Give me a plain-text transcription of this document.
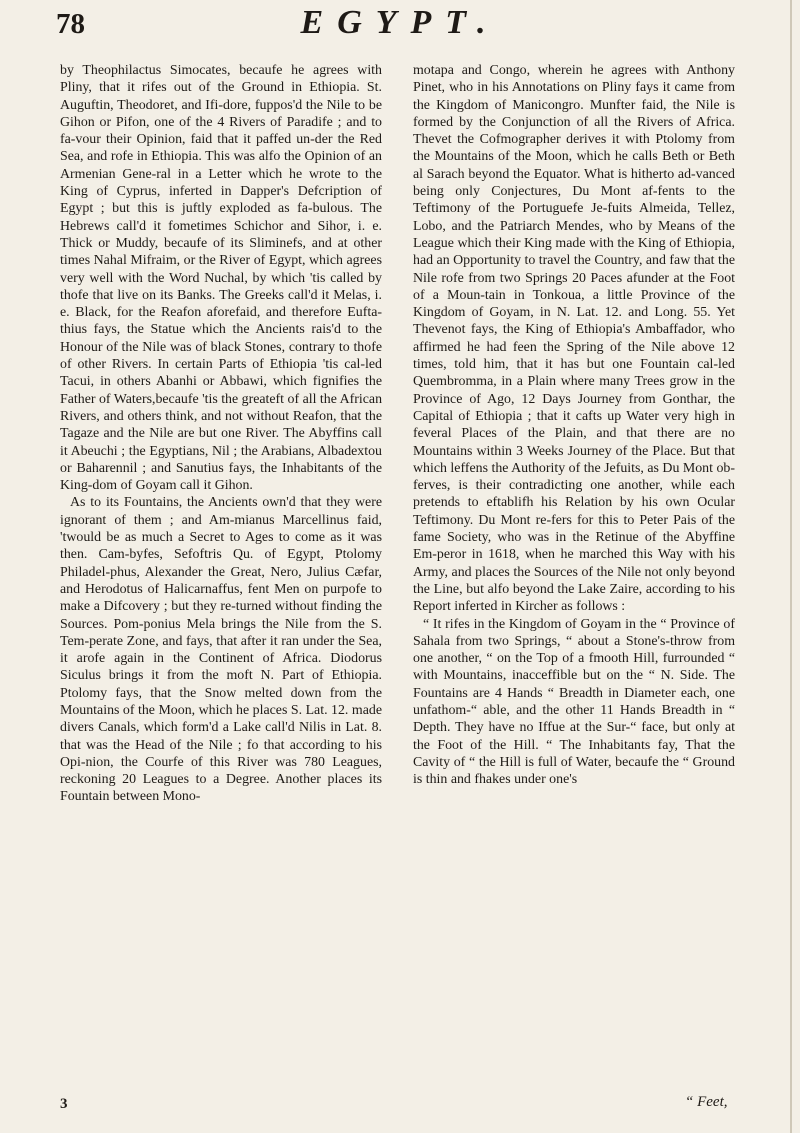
78	EGYPT.

by Theophilactus Simocates, becaufe he agrees with Pliny, that it rifes out of the Ground in Ethiopia. St. Auguftin, Theodoret, and Ifi-dore, fuppos'd the Nile to be Gihon or Pifon, one of the 4 Rivers of Paradife ; and to fa-vour their Opinion, faid that it paffed un-der the Red Sea, and rofe in Ethiopia. This was alfo the Opinion of an Armenian Gene-ral in a Letter which he wrote to the King of Cyprus, inferted in Dapper's Defcription of Egypt ; but this is juftly exploded as fa-bulous. The Hebrews call'd it fometimes Schichor and Sihor, i. e. Thick or Muddy, becaufe of its Sliminefs, and at other times Nahal Mifraim, or the River of Egypt, which agrees very well with the Word Nuchal, by which 'tis called by thofe that live on its Banks. The Greeks call'd it Melas, i. e. Black, for the Reafon aforefaid, and therefore Eufta-thius fays, the Statue which the Ancients rais'd to the Honour of the Nile was of black Stones, contrary to thofe of other Rivers. In certain Parts of Ethiopia 'tis cal-led Tacui, in others Abanhi or Abbawi, which fignifies the Father of Waters,becaufe 'tis the greateft of all the African Rivers, and others think, and not without Reafon, that the Tagaze and the Nile are but one River. The Abyffins call it Abeuchi ; the Egyptians, Nil ; the Arabians, Albadextou or Baharennil ; and Sanutius fays, the Inhabitants of the King-dom of Goyam call it Gihon.

As to its Fountains, the Ancients own'd that they were ignorant of them ; and Am-mianus Marcellinus faid, 'twould be as much a Secret to Ages to come as it was then. Cam-byfes, Sefoftris Qu. of Egypt, Ptolomy Philadel-phus, Alexander the Great, Nero, Julius Cæfar, and Herodotus of Halicarnaffus, fent Men on purpofe to make a Difcovery ; but they re-turned without finding the Sources. Pom-ponius Mela brings the Nile from the S. Tem-perate Zone, and fays, that after it ran under the Sea, it arofe again in the Continent of Africa. Diodorus Siculus brings it from the moft N. Part of Ethiopia. Ptolomy fays, that the Snow melted down from the Mountains of the Moon, which he places S. Lat. 12. made divers Canals, which form'd a Lake call'd Nilis in Lat. 8. that was the Head of the Nile ; fo that according to his Opi-nion, the Courfe of this River was 780 Leagues, reckoning 20 Leagues to a Degree. Another places its Fountain between Mono-

motapa and Congo, wherein he agrees with Anthony Pinet, who in his Annotations on Pliny fays it came from the Kingdom of Manicongro. Munfter faid, the Nile is formed by the Conjunction of all the Rivers of Africa. Thevet the Cofmographer derives it with Ptolomy from the Mountains of the Moon, which he calls Beth or Beth al Sarach beyond the Equator. What is hitherto ad-vanced being only Conjectures, Du Mont af-fents to the Teftimony of the Portuguefe Je-fuits Almeida, Tellez, Lobo, and the Patriarch Mendes, who by Means of the League which their King made with the King of Ethiopia, had an Opportunity to travel the Country, and faw that the Nile rofe from two Springs 20 Paces afunder at the Foot of a Moun-tain in Tonkoua, a little Province of the Kingdom of Goyam, in N. Lat. 12. and Long. 55. Yet Thevenot fays, the King of Ethiopia's Ambaffador, who affirmed he had feen the Spring of the Nile above 12 times, told him, that it has but one Fountain cal-led Quembromma, in a Plain where many Trees grow in the Province of Ago, 12 Days Journey from Gonthar, the Capital of Ethiopia ; that it cafts up Water very high in feveral Places of the Plain, and that there are no Mountains within 3 Weeks Journey of the Place. But that which leffens the Authority of the Jefuits, as Du Mont ob-ferves, is their contradicting one another, while each pretends to eftablifh his Relation by his own Ocular Teftimony. Du Mont re-fers for this to Peter Pais of the fame Society, who was in the Retinue of the Abyffine Em-peror in 1618, when he marched this Way with his Army, and places the Sources of the Nile not only beyond the Line, but alfo beyond the Lake Zaire, according to his Report inferted in Kircher as follows :

“ It rifes in the Kingdom of Goyam in the “ Province of Sahala from two Springs, “ about a Stone's-throw from one another, “ on the Top of a fmooth Hill, furrounded “ with Mountains, inacceffible but on the “ N. Side. The Fountains are 4 Hands “ Breadth in Diameter each, one unfathom-“ able, and the other 11 Hands Breadth in “ Depth. They have no Iffue at the Sur-“ face, but only at the Foot of the Hill. “ The Inhabitants fay, That the Cavity of “ the Hill is full of Water, becaufe the “ Ground is thin and fhakes under one's

3	“ Feet,
